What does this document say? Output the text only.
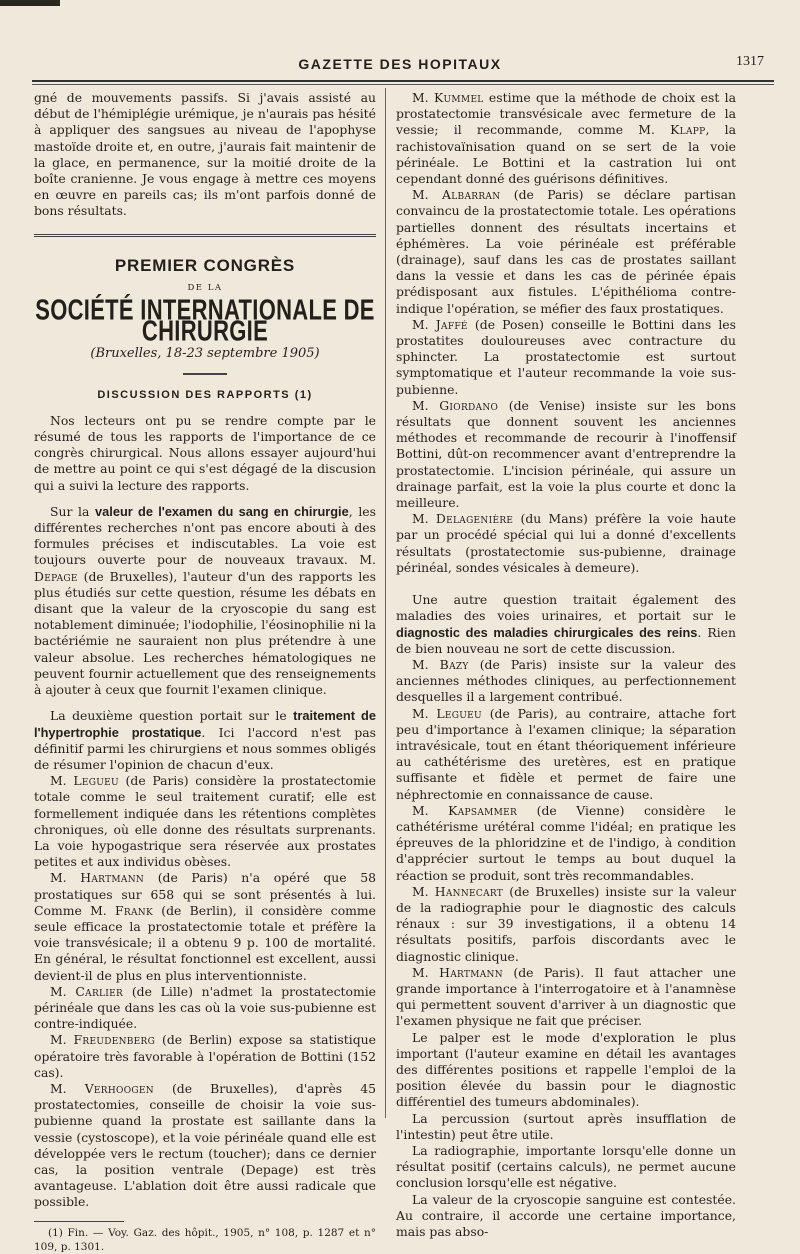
GAZETTE DES HOPITAUX	1317

gné de mouvements passifs. Si j'avais assisté au début de l'hémiplégie urémique, je n'aurais pas hésité à appliquer des sangsues au niveau de l'apophyse mastoïde droite et, en outre, j'aurais fait maintenir de la glace, en permanence, sur la moitié droite de la boîte cranienne. Je vous engage à mettre ces moyens en œuvre en pareils cas; ils m'ont parfois donné de bons résultats.

PREMIER CONGRÈS
DE LA
SOCIÉTÉ INTERNATIONALE DE CHIRURGIE
(Bruxelles, 18-23 septembre 1905)
DISCUSSION DES RAPPORTS (1)

Nos lecteurs ont pu se rendre compte par le résumé de tous les rapports de l'importance de ce congrès chirurgical. Nous allons essayer aujourd'hui de mettre au point ce qui s'est dégagé de la discusion qui a suivi la lecture des rapports.

Sur la valeur de l'examen du sang en chirurgie, les différentes recherches n'ont pas encore abouti à des formules précises et indiscutables. La voie est toujours ouverte pour de nouveaux travaux. M. Depage (de Bruxelles), l'auteur d'un des rapports les plus étudiés sur cette question, résume les débats en disant que la valeur de la cryoscopie du sang est notablement diminuée; l'iodophilie, l'éosinophilie ni la bactériémie ne sauraient non plus prétendre à une valeur absolue. Les recherches hématologiques ne peuvent fournir actuellement que des renseignements à ajouter à ceux que fournit l'examen clinique.

La deuxième question portait sur le traitement de l'hypertrophie prostatique. Ici l'accord n'est pas définitif parmi les chirurgiens et nous sommes obligés de résumer l'opinion de chacun d'eux.

M. Legueu (de Paris) considère la prostatectomie totale comme le seul traitement curatif; elle est formellement indiquée dans les rétentions complètes chroniques, où elle donne des résultats surprenants. La voie hypogastrique sera réservée aux prostates petites et aux individus obèses.

M. Hartmann (de Paris) n'a opéré que 58 prostatiques sur 658 qui se sont présentés à lui. Comme M. Frank (de Berlin), il considère comme seule efficace la prostatectomie totale et préfère la voie transvésicale; il a obtenu 9 p. 100 de mortalité. En général, le résultat fonctionnel est excellent, aussi devient-il de plus en plus interventionniste.

M. Carlier (de Lille) n'admet la prostatectomie périnéale que dans les cas où la voie sus-pubienne est contre-indiquée.

M. Freudenberg (de Berlin) expose sa statistique opératoire très favorable à l'opération de Bottini (152 cas).

M. Verhoogen (de Bruxelles), d'après 45 prostatectomies, conseille de choisir la voie sus-pubienne quand la prostate est saillante dans la vessie (cystoscope), et la voie périnéale quand elle est développée vers le rectum (toucher); dans ce dernier cas, la position ventrale (Depage) est très avantageuse. L'ablation doit être aussi radicale que possible.

(1) Fin. — Voy. Gaz. des hôpit., 1905, n° 108, p. 1287 et n° 109, p. 1301.

M. Kummel estime que la méthode de choix est la prostatectomie transvésicale avec fermeture de la vessie; il recommande, comme M. Klapp, la rachistovaïnisation quand on se sert de la voie périnéale. Le Bottini et la castration lui ont cependant donné des guérisons définitives.

M. Albarran (de Paris) se déclare partisan convaincu de la prostatectomie totale. Les opérations partielles donnent des résultats incertains et éphémères. La voie périnéale est préférable (drainage), sauf dans les cas de prostates saillant dans la vessie et dans les cas de périnée épais prédisposant aux fistules. L'épithélioma contre-indique l'opération, se méfier des faux prostatiques.

M. Jaffé (de Posen) conseille le Bottini dans les prostatites douloureuses avec contracture du sphincter. La prostatectomie est surtout symptomatique et l'auteur recommande la voie sus-pubienne.

M. Giordano (de Venise) insiste sur les bons résultats que donnent souvent les anciennes méthodes et recommande de recourir à l'inoffensif Bottini, dût-on recommencer avant d'entreprendre la prostatectomie. L'incision périnéale, qui assure un drainage parfait, est la voie la plus courte et donc la meilleure.

M. Delagenière (du Mans) préfère la voie haute par un procédé spécial qui lui a donné d'excellents résultats (prostatectomie sus-pubienne, drainage périnéal, sondes vésicales à demeure).

Une autre question traitait également des maladies des voies urinaires, et portait sur le diagnostic des maladies chirurgicales des reins. Rien de bien nouveau ne sort de cette discussion.

M. Bazy (de Paris) insiste sur la valeur des anciennes méthodes cliniques, au perfectionnement desquelles il a largement contribué.

M. Legueu (de Paris), au contraire, attache fort peu d'importance à l'examen clinique; la séparation intravésicale, tout en étant théoriquement inférieure au cathétérisme des uretères, est en pratique suffisante et fidèle et permet de faire une néphrectomie en connaissance de cause.

M. Kapsammer (de Vienne) considère le cathétérisme urétéral comme l'idéal; en pratique les épreuves de la phloridzine et de l'indigo, à condition d'apprécier surtout le temps au bout duquel la réaction se produit, sont très recommandables.

M. Hannecart (de Bruxelles) insiste sur la valeur de la radiographie pour le diagnostic des calculs rénaux : sur 39 investigations, il a obtenu 14 résultats positifs, parfois discordants avec le diagnostic clinique.

M. Hartmann (de Paris). Il faut attacher une grande importance à l'interrogatoire et à l'anamnèse qui permettent souvent d'arriver à un diagnostic que l'examen physique ne fait que préciser.

Le palper est le mode d'exploration le plus important (l'auteur examine en détail les avantages des différentes positions et rappelle l'emploi de la position élevée du bassin pour le diagnostic différentiel des tumeurs abdominales).

La percussion (surtout après insufflation de l'intestin) peut être utile.

La radiographie, importante lorsqu'elle donne un résultat positif (certains calculs), ne permet aucune conclusion lorsqu'elle est négative.

La valeur de la cryoscopie sanguine est contestée. Au contraire, il accorde une certaine importance, mais pas abso-
